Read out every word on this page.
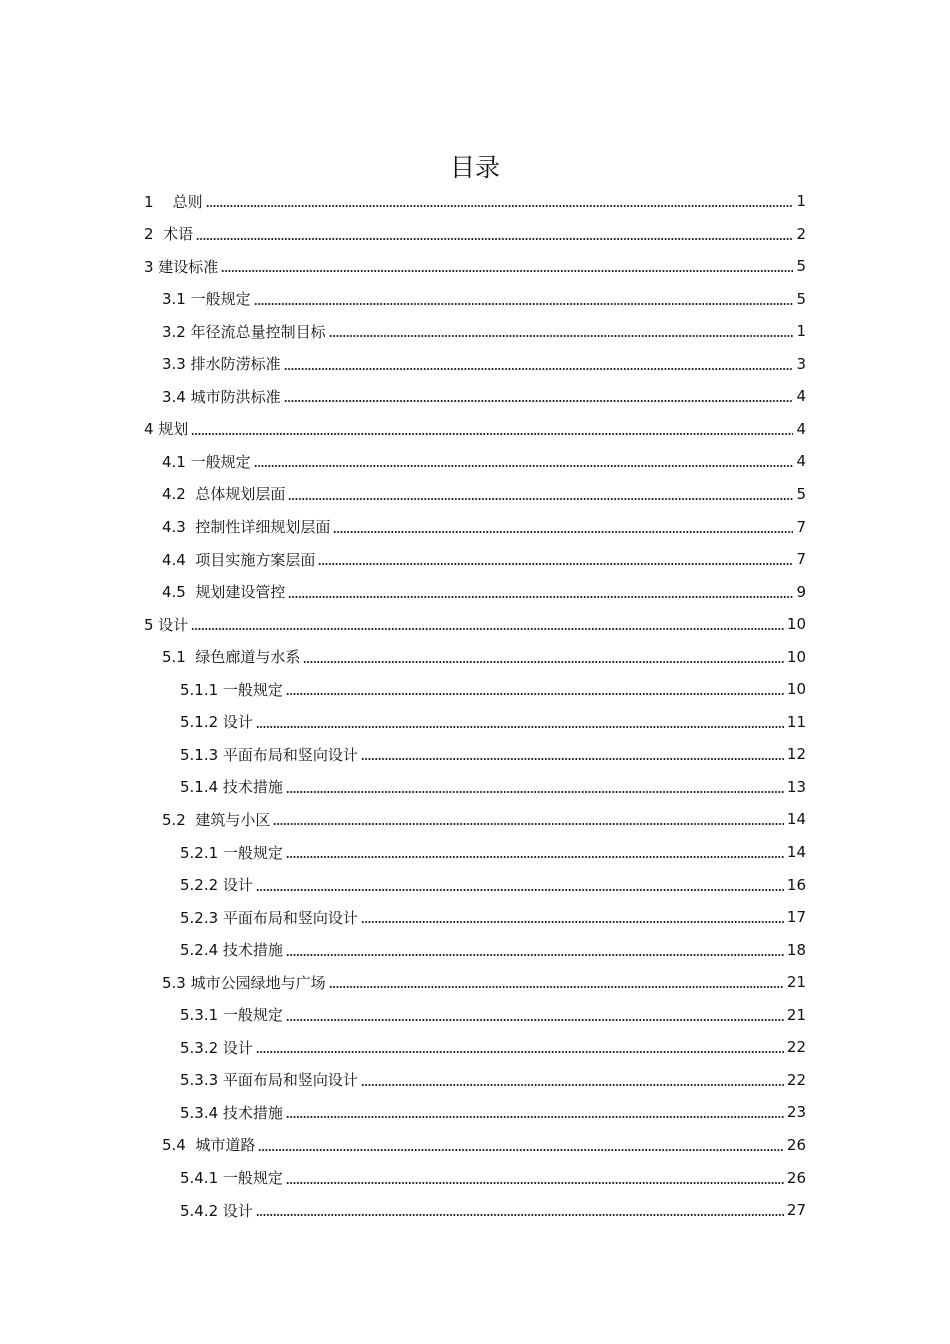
目录
1    总则	1
2  术语	2
3 建设标准	5
3.1 一般规定	5
3.2 年径流总量控制目标	1
3.3 排水防涝标准	3
3.4 城市防洪标准	4
4 规划	4
4.1 一般规定	4
4.2  总体规划层面	5
4.3  控制性详细规划层面	7
4.4  项目实施方案层面	7
4.5  规划建设管控	9
5 设计	10
5.1  绿色廊道与水系	10
5.1.1 一般规定	10
5.1.2 设计	11
5.1.3 平面布局和竖向设计	12
5.1.4 技术措施	13
5.2  建筑与小区	14
5.2.1 一般规定	14
5.2.2 设计	16
5.2.3 平面布局和竖向设计	17
5.2.4 技术措施	18
5.3 城市公园绿地与广场	21
5.3.1 一般规定	21
5.3.2 设计	22
5.3.3 平面布局和竖向设计	22
5.3.4 技术措施	23
5.4  城市道路	26
5.4.1 一般规定	26
5.4.2 设计	27
